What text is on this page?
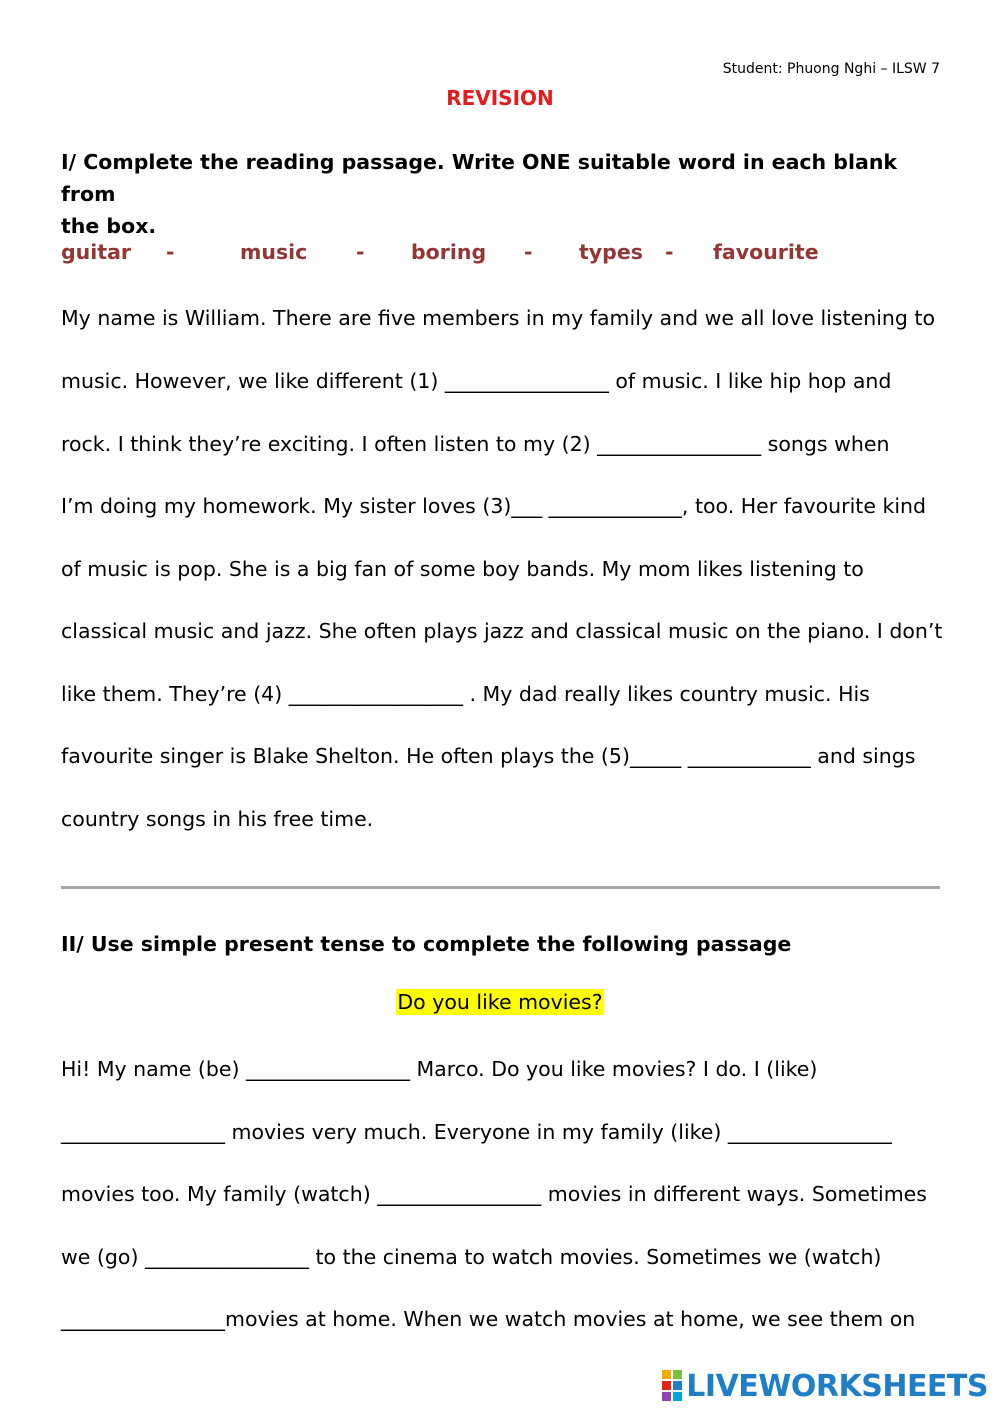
Student: Phuong Nghi – ILSW 7
REVISION
I/ Complete the reading passage. Write ONE suitable word in each blank from
the box.
guitar -	music - boring - types - favourite
My name is William. There are five members in my family and we all love listening to
music. However, we like different (1) ________________ of music. I like hip hop and
rock. I think they’re exciting. I often listen to my (2) ________________ songs when
I’m doing my homework. My sister loves (3)___ _____________, too. Her favourite kind
of music is pop. She is a big fan of some boy bands. My mom likes listening to
classical music and jazz. She often plays jazz and classical music on the piano. I don’t
like them. They’re (4) _________________ . My dad really likes country music. His
favourite singer is Blake Shelton. He often plays the (5)_____ ____________ and sings
country songs in his free time.
II/ Use simple present tense to complete the following passage
Do you like movies?
Hi! My name (be) ________________ Marco. Do you like movies? I do. I (like)
________________ movies very much. Everyone in my family (like) ________________
movies too. My family (watch) ________________ movies in different ways. Sometimes
we (go) ________________ to the cinema to watch movies. Sometimes we (watch)
________________movies at home. When we watch movies at home, we see them on
LIVEWORKSHEETS
